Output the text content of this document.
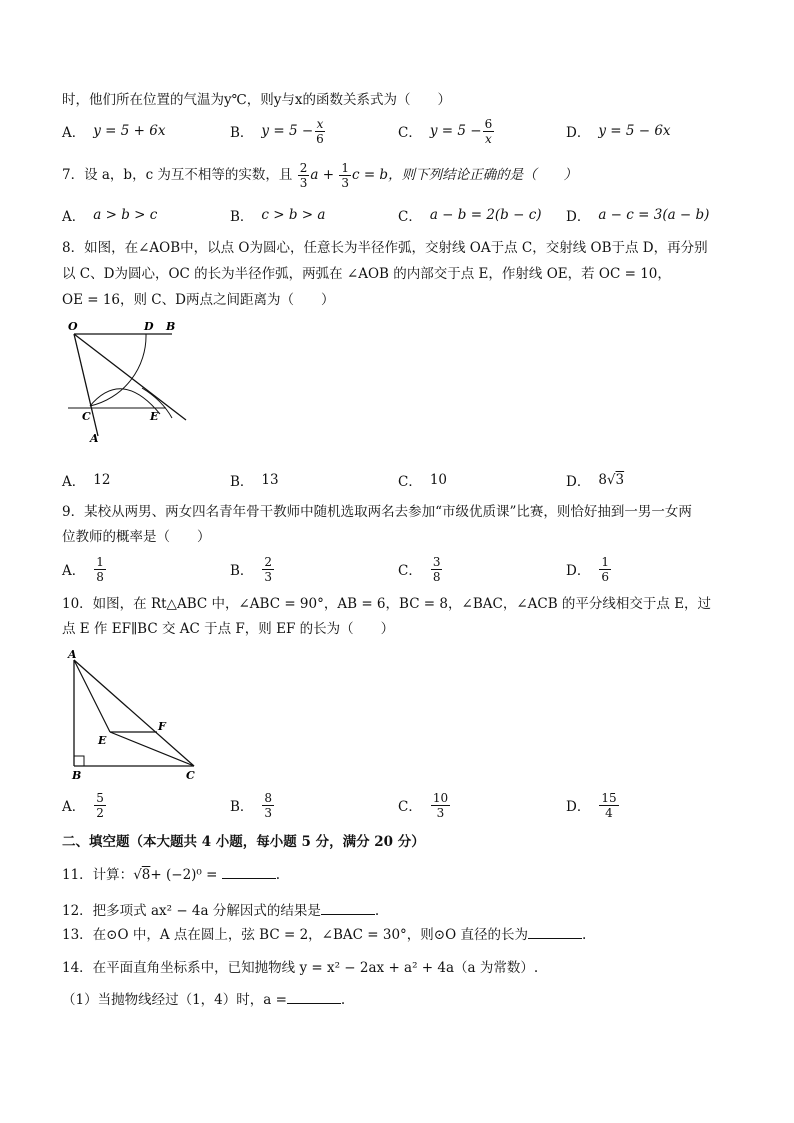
时，他们所在位置的气温为y℃，则y与x的函数关系式为（　　）
A． y = 5 + 6x	B． $y = 5 - \frac{x}{6}$	C． $y = 5 - \frac{6}{x}$	D． y = 5 − 6x
7．设 a，b，c 为互不相等的实数，且 $\frac{2}{3}$ $a + \frac{1}{3}$ c = b，则下列结论正确的是（　　）
A． a > b > c	B． c > b > a	C． a − b = 2(b − c) D． a − c = 3(a − b)
8．如图，在∠AOB中，以点 O为圆心，任意长为半径作弧，交射线 OA于点 C，交射线 OB于点 D，再分别
以 C、D为圆心，OC 的长为半径作弧，两弧在 ∠AOB 的内部交于点 E，作射线 OE，若 OC = 10，
OE = 16，则 C、D两点之间距离为（　　）
O	D B
C	E
A
A． 12	B． 13	C． 10	D． 8 √ 3
9．某校从两男、两女四名青年骨干教师中随机选取两名去参加“市级优质课”比赛，则恰好抽到一男一女两
位教师的概率是（　　）
A． $\frac{1}{8}$	B． $\frac{2}{3}$	C． $\frac{3}{8}$	D． $\frac{1}{6}$
10．如图，在 Rt△ABC 中，∠ABC = 90°，AB = 6，BC = 8，∠BAC，∠ACB 的平分线相交于点 E，过
点 E 作 EF∥BC 交 AC 于点 F，则 EF 的长为（　　）
A
B	C
E
F
A． $\frac{5}{2}$	B． $\frac{8}{3}$	C． $\frac{10}{3}$	D． $\frac{15}{4}$
二、填空题（本大题共 4 小题，每小题 5 分，满分 20 分）
11．计算：√8+ (−2)⁰ =	.
12．把多项式 ax² − 4a 分解因式的结果是	.
13．在⊙O 中，A 点在圆上，弦 BC = 2，∠BAC = 30°，则⊙O 直径的长为	.
14．在平面直角坐标系中，已知抛物线 y = x² − 2ax + a² + 4a（a 为常数）.
（1）当抛物线经过（1，4）时，a =	.
